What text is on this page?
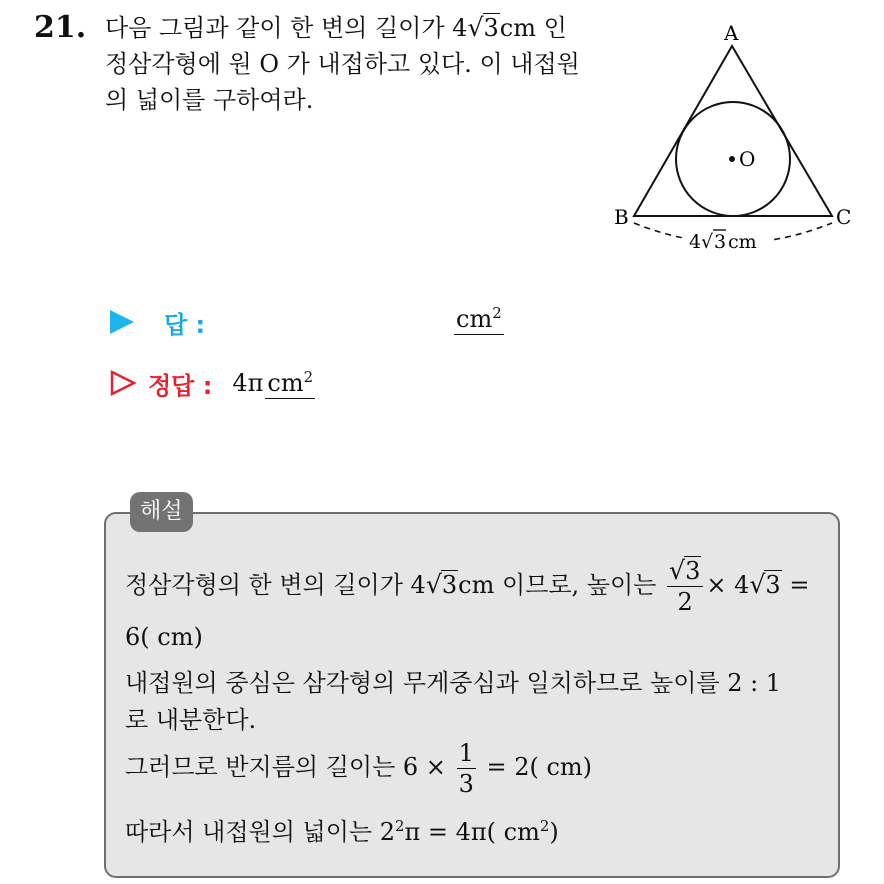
21. 다음 그림과 같이 한 변의 길이가 4√3cm 인 정삼각형에 원 O 가 내접하고 있다. 이 내접원의 넓이를 구하여라.
A
B	C
O
4 √ 3 cm
답 :	$cm^2$
정답 : 4π $cm^2$
해설
정삼각형의 한 변의 길이가 4√3cm 이므로, 높이는 $\frac{√3}{2} \times 4√3$ =
6( cm)
내접원의 중심은 삼각형의 무게중심과 일치하므로 높이를 2 : 1
로 내분한다.
그러므로 반지름의 길이는 $6 \times \frac{1}{3} = 2$( cm)
따라서 내접원의 넓이는 $2^2\pi = 4\pi$( $cm^2$)
